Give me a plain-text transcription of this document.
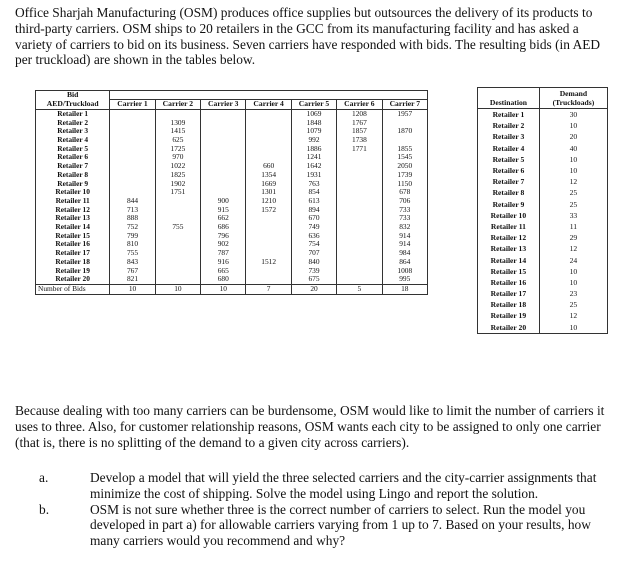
Office Sharjah Manufacturing (OSM) produces office supplies but outsources the delivery of its products to third-party carriers. OSM ships to 20 retailers in the GCC from its manufacturing facility and has asked a variety of carriers to bid on its business. Seven carriers have responded with bids. The resulting bids (in AED per truckload) are shown in the tables below.

Bid							
AED/Truckload	Carrier 1	Carrier 2	Carrier 3	Carrier 4	Carrier 5	Carrier 6	Carrier 7
Retailer 1					1069	1208	1957
Retailer 2		1309			1848	1767	
Retailer 3		1415			1079	1857	1870
Retailer 4		625			992	1738	
Retailer 5		1725			1886	1771	1855
Retailer 6		970			1241		1545
Retailer 7		1022		660	1642		2050
Retailer 8		1825		1354	1931		1739
Retailer 9		1902		1669	763		1150
Retailer 10		1751		1301	854		678
Retailer 11	844		900	1210	613		706
Retailer 12	713		915	1572	894		733
Retailer 13	888		662		670		733
Retailer 14	752	755	686		749		832
Retailer 15	799		796		636		914
Retailer 16	810		902		754		914
Retailer 17	755		787		707		984
Retailer 18	843		916	1512	840		864
Retailer 19	767		665		739		1008
Retailer 20	821		680		675		995
Number of Bids	10	10	10	7	20	5	18
Destination	Demand
(Truckloads)
Retailer 1	30
Retailer 2	10
Retailer 3	20
Retailer 4	40
Retailer 5	10
Retailer 6	10
Retailer 7	12
Retailer 8	25
Retailer 9	25
Retailer 10	33
Retailer 11	11
Retailer 12	29
Retailer 13	12
Retailer 14	24
Retailer 15	10
Retailer 16	10
Retailer 17	23
Retailer 18	25
Retailer 19	12
Retailer 20	10

Because dealing with too many carriers can be burdensome, OSM would like to limit the number of carriers it uses to three. Also, for customer relationship reasons, OSM wants each city to be assigned to only one carrier (that is, there is no splitting of the demand to a given city across carriers).

a.	Develop a model that will yield the three selected carriers and the city-carrier assignments that minimize the cost of shipping. Solve the model using Lingo and report the solution.
b.	OSM is not sure whether three is the correct number of carriers to select. Run the model you developed in part a) for allowable carriers varying from 1 up to 7. Based on your results, how many carriers would you recommend and why?
